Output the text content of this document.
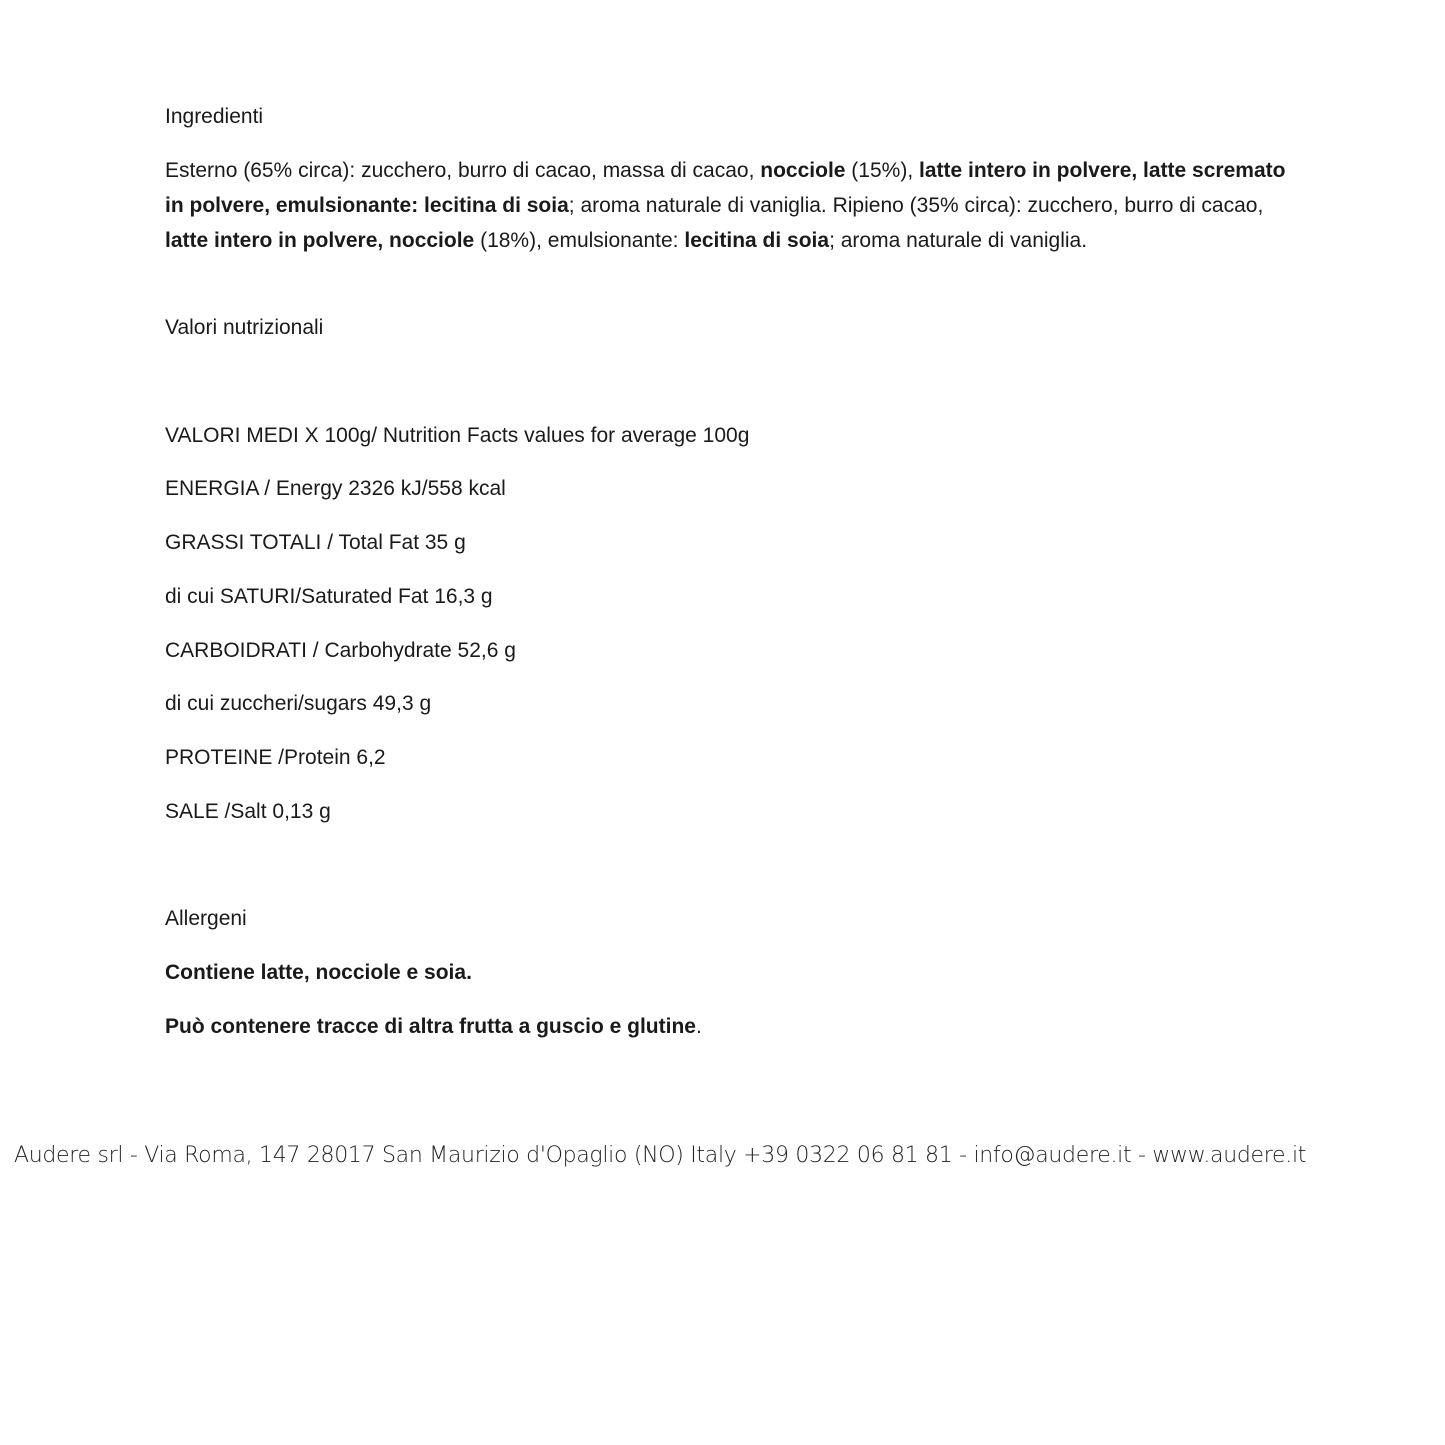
Ingredienti
Esterno (65% circa): zucchero, burro di cacao, massa di cacao, nocciole (15%), latte intero in polvere, latte scremato in polvere, emulsionante: lecitina di soia; aroma naturale di vaniglia. Ripieno (35% circa): zucchero, burro di cacao, latte intero in polvere, nocciole (18%), emulsionante: lecitina di soia; aroma naturale di vaniglia.
Valori nutrizionali
VALORI MEDI X 100g/ Nutrition Facts values for average 100g
ENERGIA / Energy 2326 kJ/558 kcal
GRASSI TOTALI / Total Fat 35 g
di cui SATURI/Saturated Fat 16,3 g
CARBOIDRATI / Carbohydrate 52,6 g
di cui zuccheri/sugars 49,3 g
PROTEINE /Protein 6,2
SALE /Salt 0,13 g
Allergeni
Contiene latte, nocciole e soia.
Può contenere tracce di altra frutta a guscio e glutine.
Audere srl - Via Roma, 147 28017 San Maurizio d'Opaglio (NO) Italy +39 0322 06 81 81 - info@audere.it - www.audere.it
